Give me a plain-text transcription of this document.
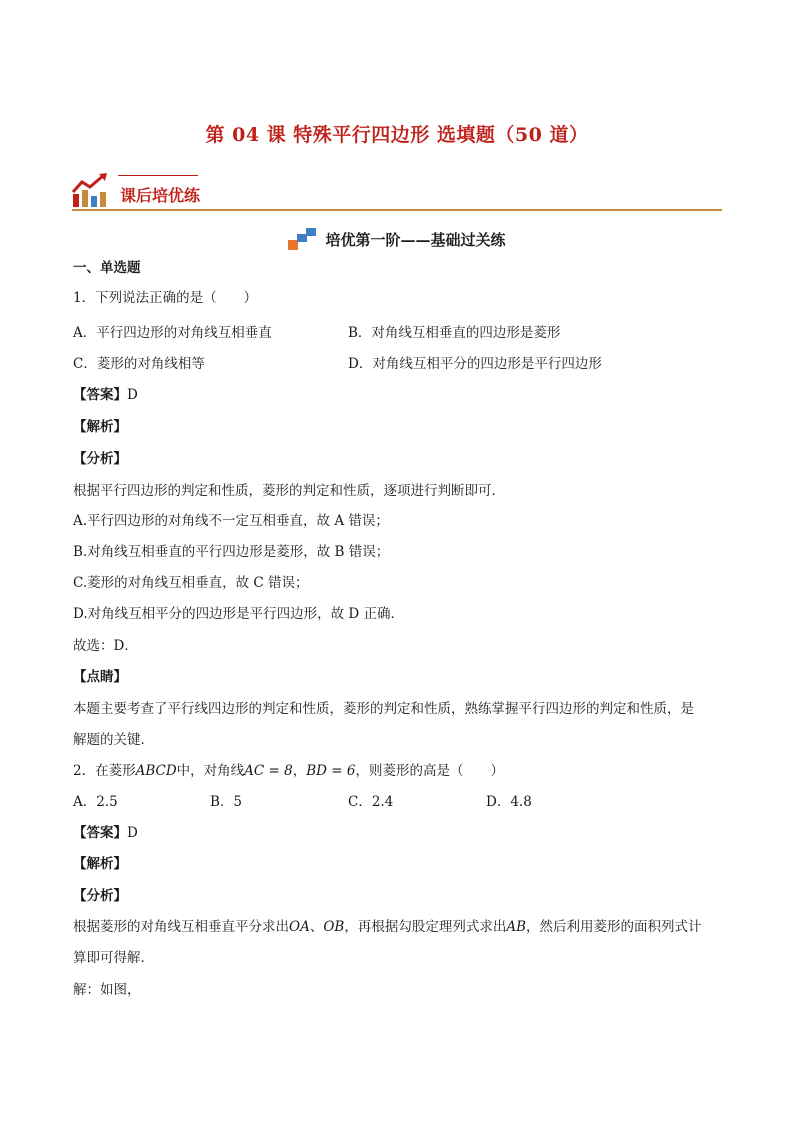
第 04 课 特殊平行四边形 选填题（50 道）
课后培优练
培优第一阶——基础过关练
一、单选题
1．下列说法正确的是（　　）
A．平行四边形的对角线互相垂直	B．对角线互相垂直的四边形是菱形
C．菱形的对角线相等	D．对角线互相平分的四边形是平行四边形
【答案】D
【解析】
【分析】
根据平行四边形的判定和性质，菱形的判定和性质，逐项进行判断即可．
A.平行四边形的对角线不一定互相垂直，故 A 错误；
B.对角线互相垂直的平行四边形是菱形，故 B 错误；
C.菱形的对角线互相垂直，故 C 错误；
D.对角线互相平分的四边形是平行四边形，故 D 正确．
故选：D．
【点睛】
本题主要考查了平行线四边形的判定和性质，菱形的判定和性质，熟练掌握平行四边形的判定和性质，是
解题的关键．
2．在菱形ABCD中，对角线AC = 8，BD = 6，则菱形的高是（　　）
A．2.5	B．5	C．2.4	D．4.8
【答案】D
【解析】
【分析】
根据菱形的对角线互相垂直平分求出OA、OB，再根据勾股定理列式求出AB，然后利用菱形的面积列式计
算即可得解．
解：如图，
